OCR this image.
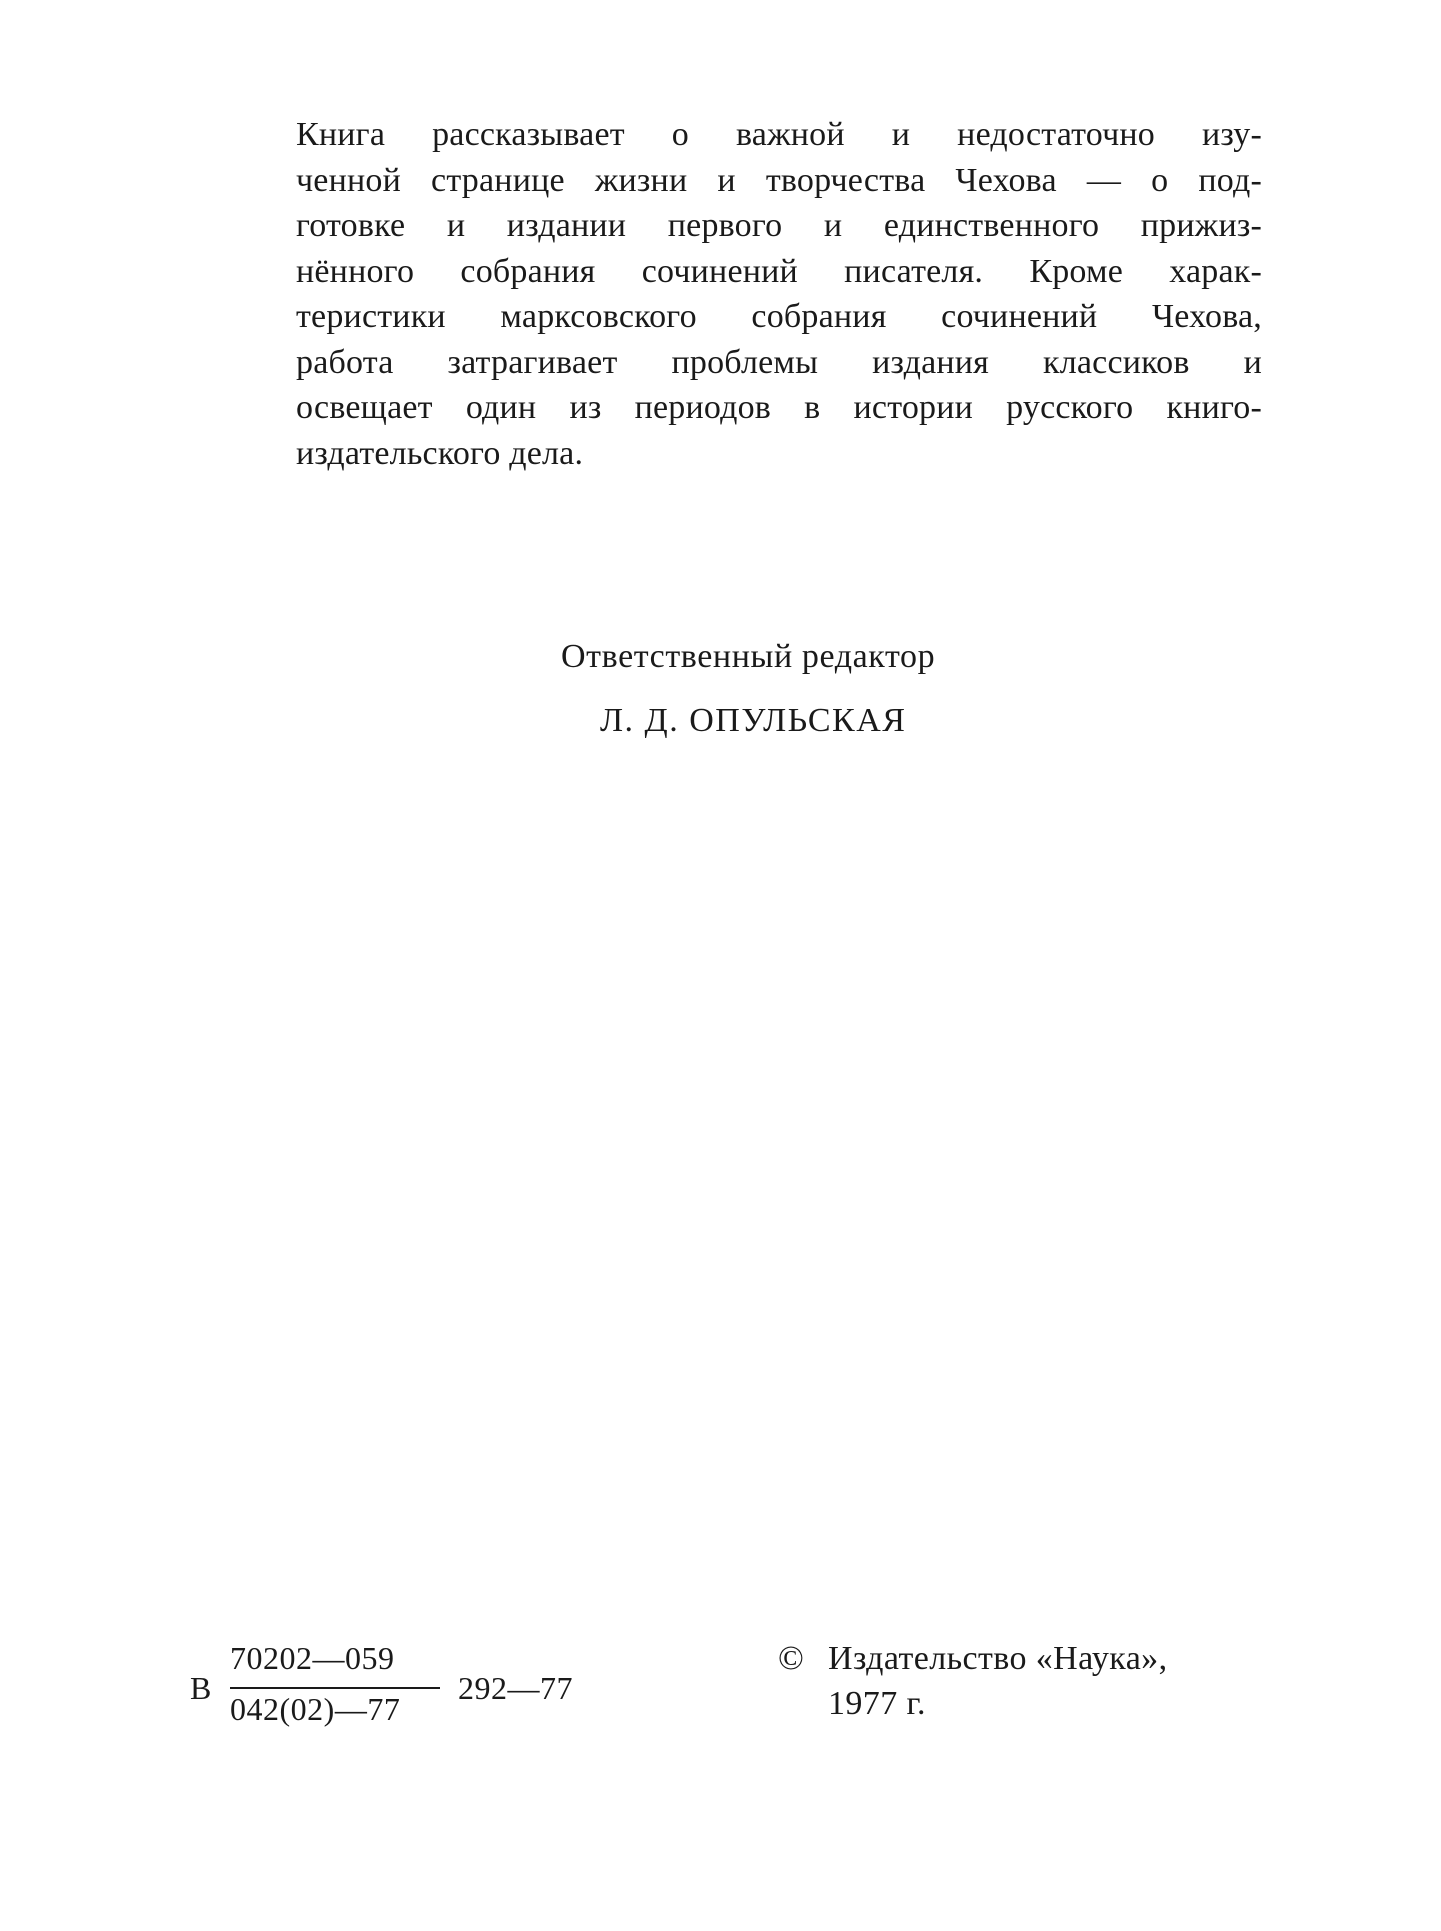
Книга рассказывает о важной и недостаточно изу-
ченной странице жизни и творчества Чехова — о под-
готовке и издании первого и единственного прижиз-
нённого собрания сочинений писателя. Кроме харак-
теристики марксовского собрания сочинений Чехова,
работа затрагивает проблемы издания классиков и
освещает один из периодов в истории русского книго-
издательского дела.
Ответственный редактор
Л. Д. ОПУЛЬСКАЯ
В
70202—059
042(02)—77
292—77
© Издательство «Наука»,
1977 г.
